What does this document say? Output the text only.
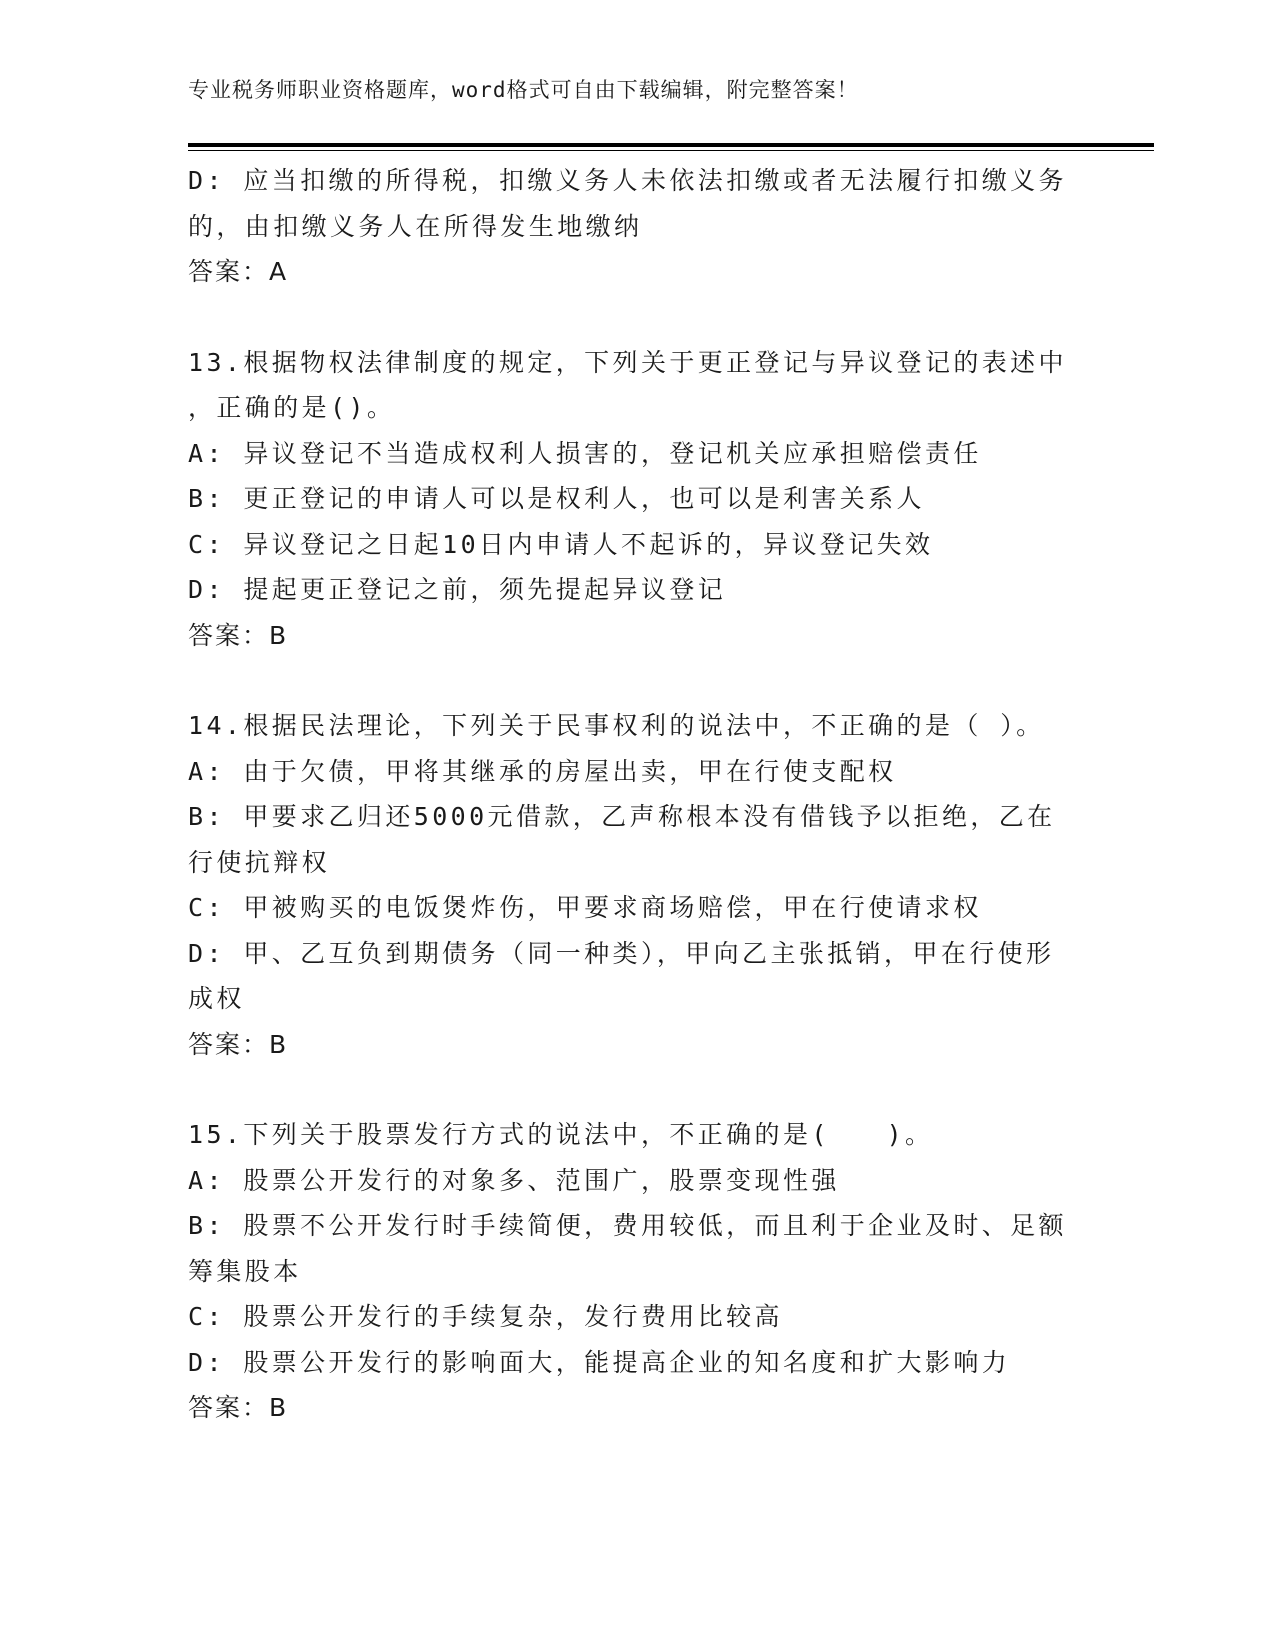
专业税务师职业资格题库，word格式可自由下载编辑，附完整答案！
D: 应当扣缴的所得税，扣缴义务人未依法扣缴或者无法履行扣缴义务
的，由扣缴义务人在所得发生地缴纳
答案：A
13.根据物权法律制度的规定，下列关于更正登记与异议登记的表述中
，正确的是()。
A: 异议登记不当造成权利人损害的，登记机关应承担赔偿责任
B: 更正登记的申请人可以是权利人，也可以是利害关系人
C: 异议登记之日起10日内申请人不起诉的，异议登记失效
D: 提起更正登记之前，须先提起异议登记
答案：B
14.根据民法理论，下列关于民事权利的说法中，不正确的是（ ）。
A: 由于欠债，甲将其继承的房屋出卖，甲在行使支配权
B: 甲要求乙归还5000元借款，乙声称根本没有借钱予以拒绝，乙在
行使抗辩权
C: 甲被购买的电饭煲炸伤，甲要求商场赔偿，甲在行使请求权
D: 甲、乙互负到期债务（同一种类），甲向乙主张抵销，甲在行使形
成权
答案：B
15.下列关于股票发行方式的说法中，不正确的是(　　)。
A: 股票公开发行的对象多、范围广，股票变现性强
B: 股票不公开发行时手续简便，费用较低，而且利于企业及时、足额
筹集股本
C: 股票公开发行的手续复杂，发行费用比较高
D: 股票公开发行的影响面大，能提高企业的知名度和扩大影响力
答案：B
